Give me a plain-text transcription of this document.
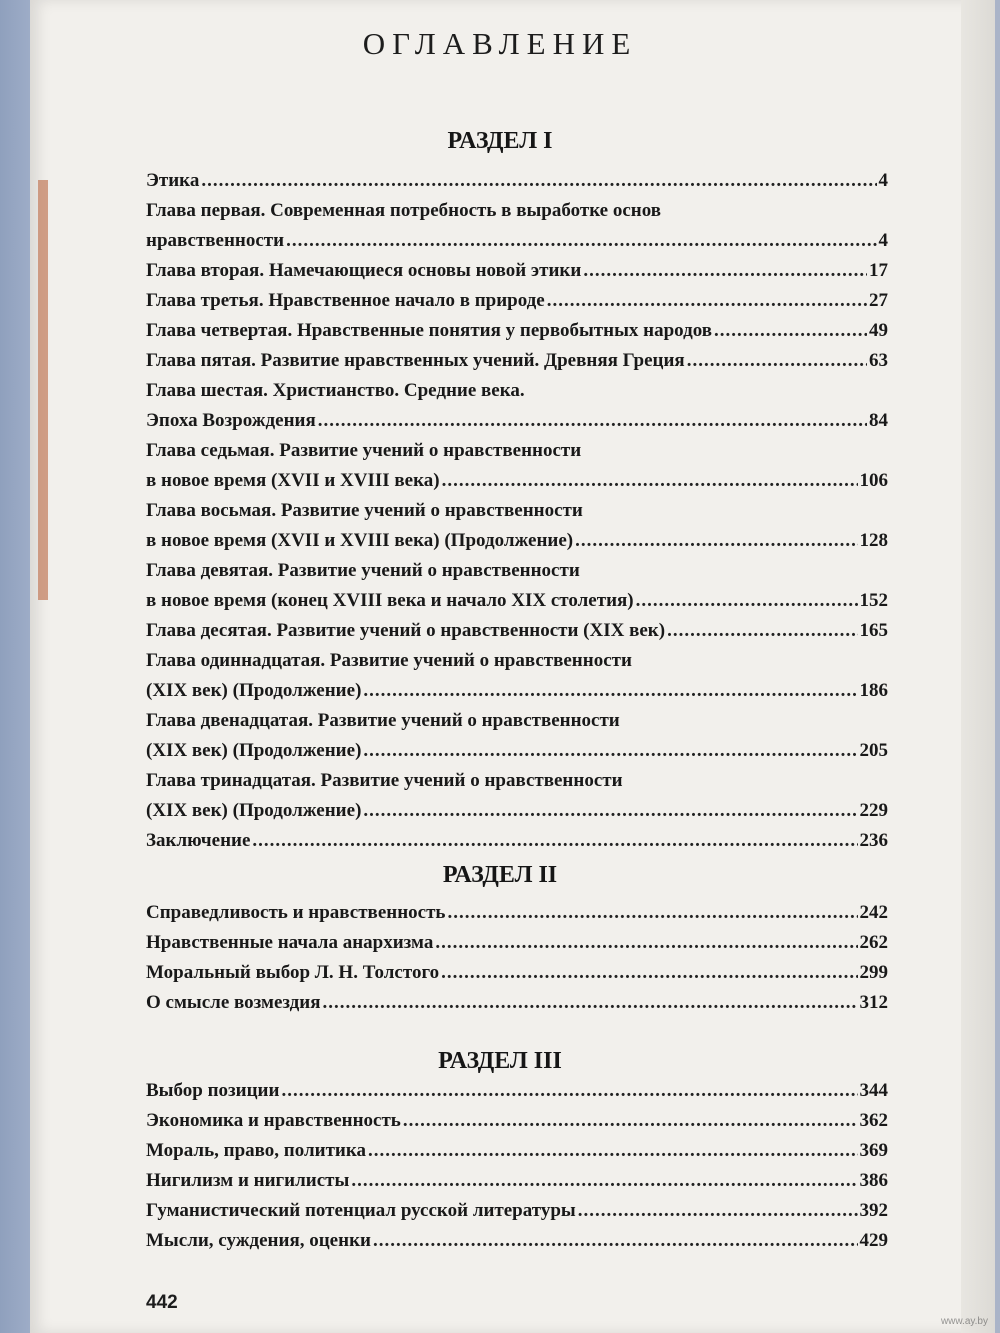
ОГЛАВЛЕНИЕ
РАЗДЕЛ I
Этика .....	4
Глава первая. Современная потребность в выработке основ
нравственности .....	4
Глава вторая. Намечающиеся основы новой этики .....	17
Глава третья. Нравственное начало в природе .....	27
Глава четвертая. Нравственные понятия у первобытных народов .....	49
Глава пятая. Развитие нравственных учений. Древняя Греция .....	63
Глава шестая. Христианство. Средние века.
Эпоха Возрождения .....	84
Глава седьмая. Развитие учений о нравственности
в новое время (XVII и XVIII века) .....	106
Глава восьмая. Развитие учений о нравственности
в новое время (XVII и XVIII века) (Продолжение) .....	128
Глава девятая. Развитие учений о нравственности
в новое время (конец XVIII века и начало XIX столетия) .....	152
Глава десятая. Развитие учений о нравственности (XIX век) .....	165
Глава одиннадцатая. Развитие учений о нравственности
(XIX век) (Продолжение) .....	186
Глава двенадцатая. Развитие учений о нравственности
(XIX век) (Продолжение) .....	205
Глава тринадцатая. Развитие учений о нравственности
(XIX век) (Продолжение) .....	229
Заключение .....	236
РАЗДЕЛ II
Справедливость и нравственность .....	242
Нравственные начала анархизма .....	262
Моральный выбор Л. Н. Толстого .....	299
О смысле возмездия .....	312
РАЗДЕЛ III
Выбор позиции .....	344
Экономика и нравственность .....	362
Мораль, право, политика .....	369
Нигилизм и нигилисты .....	386
Гуманистический потенциал русской литературы .....	392
Мысли, суждения, оценки .....	429
442
www.ay.by
